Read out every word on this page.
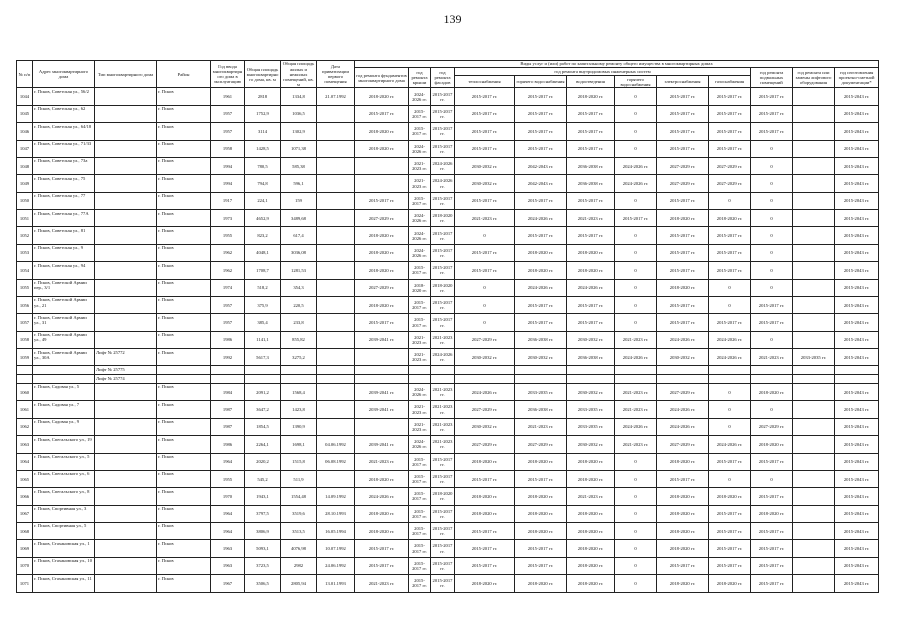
139
№ п/п	Адрес многоквартирного дома	Тип многоквартирного дома	Район	Год ввода многоквартирного дома в эксплуатацию	Общая площадь многоквартирного дома, кв. м	Общая площадь жилых и нежилых помещений, кв. м	Дата приватизации первого помещения	Виды услуг и (или) работ по капитальному ремонту общего имущества в многоквартирных домах											
								год ремонта фундаментов многоквартирного дома	год ремонта крыши	год ремонта фасадов	год ремонта внутридомовых инженерных систем						год ремонта подвальных помещений	год ремонта или замены лифтового оборудования	год изготовления проектно-сметной документации*
											теплоснабжения	горячего водоснабжения	водоотведения	горячего водоснабжения	электроснабжения	газоснабжения			
1044	г. Псков, Советская ул., 56/2		г. Псков	1961	2818	1334,8	21.07.1992	2018-2020 гг.	2024-2026 гг.	2015-2017 гг.	2015-2017 гг.	2015-2017 гг.	2018-2020 гг.	0	2015-2017 гг.	2015-2017 гг.	2015-2017 гг.		2015-2043 гг.
1045	г. Псков, Советская ул., 62		г. Псков	1957	1752,9	1036,5		2015-2017 гг.	2015-2017 гг.	2015-2017 гг.	2015-2017 гг.	2015-2017 гг.	2015-2017 гг.	0	2015-2017 гг.	2015-2017 гг.	2015-2017 гг.		2015-2043 гг.
1046	г. Псков, Советская ул., 64/18		г. Псков	1957	3114	1302,9		2018-2020 гг.	2015-2017 гг.	2015-2017 гг.	2015-2017 гг.	2015-2017 гг.	2015-2017 гг.	0	2015-2017 гг.	2015-2017 гг.	2015-2017 гг.		2015-2043 гг.
1047	г. Псков, Советская ул., 71/33		г. Псков	1958	1428,5	1071,38		2018-2020 гг.	2024-2026 гг.	2015-2017 гг.	2015-2017 гг.	2015-2017 гг.	2015-2017 гг.	0	2015-2017 гг.	2015-2017 гг.	0		2015-2043 гг.
1048	г. Псков, Советская ул., 73а		г. Псков	1994	780,5	585,38			2021-2023 гг.	2024-2026 гг.	2030-2032 гг.	2042-2043 гг.	2036-2038 гг.	2024-2026 гг.	2027-2029 гг.	2027-2029 гг.	0		2015-2043 гг.
1049	г. Псков, Советская ул., 75		г. Псков	1994	794,8	596,1			2021-2023 гг.	2024-2026 гг.	2030-2032 гг.	2042-2043 гг.	2036-2038 гг.	2024-2026 гг.	2027-2029 гг.	2027-2029 гг.	0		2015-2043 гг.
1050	г. Псков, Советская ул., 77		г. Псков	1917	224,1	159		2015-2017 гг.	2015-2017 гг.	2015-2017 гг.	2015-2017 гг.	2015-2017 гг.	2015-2017 гг.	0	2015-2017 гг.	0	0		2015-2043 гг.
1051	г. Псков, Советская ул., 77А		г. Псков	1973	4652,9	3489,68		2027-2029 гг.	2024-2026 гг.	2018-2020 гг.	2021-2023 гг.	2024-2026 гг.	2021-2023 гг.	2015-2017 гг.	2018-2020 гг.	2018-2020 гг.	0		2015-2043 гг.
1052	г. Псков, Советская ул., 81		г. Псков	1955	823,2	617,4		2018-2020 гг.	2024-2026 гг.	2015-2017 гг.	0	2015-2017 гг.	2015-2017 гг.	0	2015-2017 гг.	2015-2017 гг.	0		2015-2043 гг.
1053	г. Псков, Советская ул., 9		г. Псков	1962	4048,1	3036,08		2018-2020 гг.	2024-2026 гг.	2015-2017 гг.	2015-2017 гг.	2018-2020 гг.	2018-2020 гг.	0	2015-2017 гг.	2015-2017 гг.	0		2015-2043 гг.
1054	г. Псков, Советская ул., 94		г. Псков	1962	1708,7	1281,53		2018-2020 гг.	2015-2017 гг.	2015-2017 гг.	2015-2017 гг.	2018-2020 гг.	2018-2020 гг.	0	2015-2017 гг.	2015-2017 гг.	0		2015-2043 гг.
1055	г. Псков, Советской Армии пер., 3/1		г. Псков	1974	518,2	354,3		2027-2029 гг.	2018-2020 гг.	2018-2020 гг.	0	2024-2026 гг.	2024-2026 гг.	0	2018-2020 гг.	0	0		2015-2043 гг.
1056	г. Псков, Советской Армии ул., 21		г. Псков	1957	375,9	220,5		2018-2020 гг.	2015-2017 гг.	2015-2017 гг.	0	2015-2017 гг.	2015-2017 гг.	0	2015-2017 гг.	0	2015-2017 гг.		2015-2043 гг.
1057	г. Псков, Советской Армии ул., 31		г. Псков	1957	385,4	233,8		2015-2017 гг.	2015-2017 гг.	2015-2017 гг.	0	2015-2017 гг.	2015-2017 гг.	0	2015-2017 гг.	2015-2017 гг.	2015-2017 гг.		2015-2043 гг.
1058	г. Псков, Советской Армии ул., 49		г. Псков	1986	1141,1	855,82		2039-2041 гг.	2021-2023 гг.	2021-2023 гг.	2027-2029 гг.	2036-2038 гг.	2030-2032 гг.	2021-2023 гг.	2024-2026 гг.	2024-2026 гг.	0		2015-2043 гг.
1059	г. Псков, Советской Армии ул., 30А	Лифт № 25772	г. Псков	1992	5617,3	3275,2			2021-2023 гг.	2024-2026 гг.	2030-2032 гг.	2030-2032 гг.	2036-2038 гг.	2024-2026 гг.	2030-2032 гг.	2024-2026 гг.	2021-2023 гг.	2033-2035 гг.	2015-2043 гг.
		Лифт № 25775																	
		Лифт № 25774																	
1060	г. Псков, Садовая ул., 5		г. Псков	1984	2091,2	1568,4		2039-2041 гг.	2024-2026 гг.	2021-2023 гг.	2024-2026 гг.	2033-2035 гг.	2030-2032 гг.	2021-2023 гг.	2027-2029 гг.	0	2018-2020 гг.		2015-2043 гг.
1061	г. Псков, Садовая ул., 7		г. Псков	1987	3647,2	1423,8		2039-2041 гг.	2021-2023 гг.	2021-2023 гг.	2027-2029 гг.	2036-2038 гг.	2033-2035 гг.	2021-2023 гг.	2024-2026 гг.	0	0		2015-2043 гг.
1062	г. Псков, Садовая ул., 9		г. Псков	1987	1854,5	1390,9			2021-2023 гг.	2021-2023 гг.	2030-2032 гг.	2021-2023 гг.	2033-2035 гг.	2024-2026 гг.	2024-2026 гг.	0	2027-2029 гг.		2015-2043 гг.
1063	г. Псков, Спегальского ул., 19		г. Псков	1986	2264,1	1698,1	04.06.1992	2039-2041 гг.	2024-2026 гг.	2021-2023 гг.	2027-2029 гг.	2027-2029 гг.	2030-2032 гг.	2021-2023 гг.	2027-2029 гг.	2024-2026 гг.	2018-2020 гг.		2015-2043 гг.
1064	г. Псков, Спегальского ул., 5		г. Псков	1964	2020,2	1515,8	06.08.1992	2021-2023 гг.	2015-2017 гг.	2015-2017 гг.	2018-2020 гг.	2018-2020 гг.	2018-2020 гг.	0	2018-2020 гг.	2015-2017 гг.	2015-2017 гг.		2015-2043 гг.
1065	г. Псков, Спегальского ул., 6		г. Псков	1955	545,2	511,9		2018-2020 гг.	2015-2017 гг.	2015-2017 гг.	2015-2017 гг.	2015-2017 гг.	2018-2020 гг.	0	2015-2017 гг.	0	0		2015-2043 гг.
1066	г. Псков, Спегальского ул., 8		г. Псков	1970	1943,1	1554,48	14.09.1992	2024-2026 гг.	2015-2017 гг.	2018-2020 гг.	2018-2020 гг.	2018-2020 гг.	2021-2023 гг.	0	2018-2020 гг.	2018-2020 гг.	2015-2017 гг.		2015-2043 гг.
1067	г. Псков, Спортивная ул., 3		г. Псков	1964	3797,5	3519,6	28.10.1993	2018-2020 гг.	2015-2017 гг.	2015-2017 гг.	2018-2020 гг.	2018-2020 гг.	2018-2020 гг.	0	2018-2020 гг.	2015-2017 гг.	2018-2020 гг.		2015-2043 гг.
1068	г. Псков, Спортивная ул., 5		г. Псков	1964	3806,9	3513,5	16.05.1994	2018-2020 гг.	2015-2017 гг.	2015-2017 гг.	2015-2017 гг.	2018-2020 гг.	2018-2020 гг.	0	2018-2020 гг.	2015-2017 гг.	2015-2017 гг.		2015-2043 гг.
1069	г. Псков, Стахановская ул., 1		г. Псков	1963	5093,1	4076,98	10.07.1992	2015-2017 гг.	2015-2017 гг.	2015-2017 гг.	2015-2017 гг.	2015-2017 гг.	2018-2020 гг.	0	2018-2020 гг.	2015-2017 гг.	2015-2017 гг.		2015-2043 гг.
1070	г. Псков, Стахановская ул., 10		г. Псков	1963	3723,5	2982	24.06.1992	2015-2017 гг.	2015-2017 гг.	2015-2017 гг.	2015-2017 гг.	2015-2017 гг.	2018-2020 гг.	0	2015-2017 гг.	2015-2017 гг.	2015-2017 гг.		2015-2043 гг.
1071	г. Псков, Стахановская ул., 11		г. Псков	1967	3506,5	2805,94	13.01.1993	2021-2023 гг.	2015-2017 гг.	2015-2017 гг.	2018-2020 гг.	2018-2020 гг.	2018-2020 гг.	0	2018-2020 гг.	2018-2020 гг.	2015-2017 гг.		2015-2043 гг.
